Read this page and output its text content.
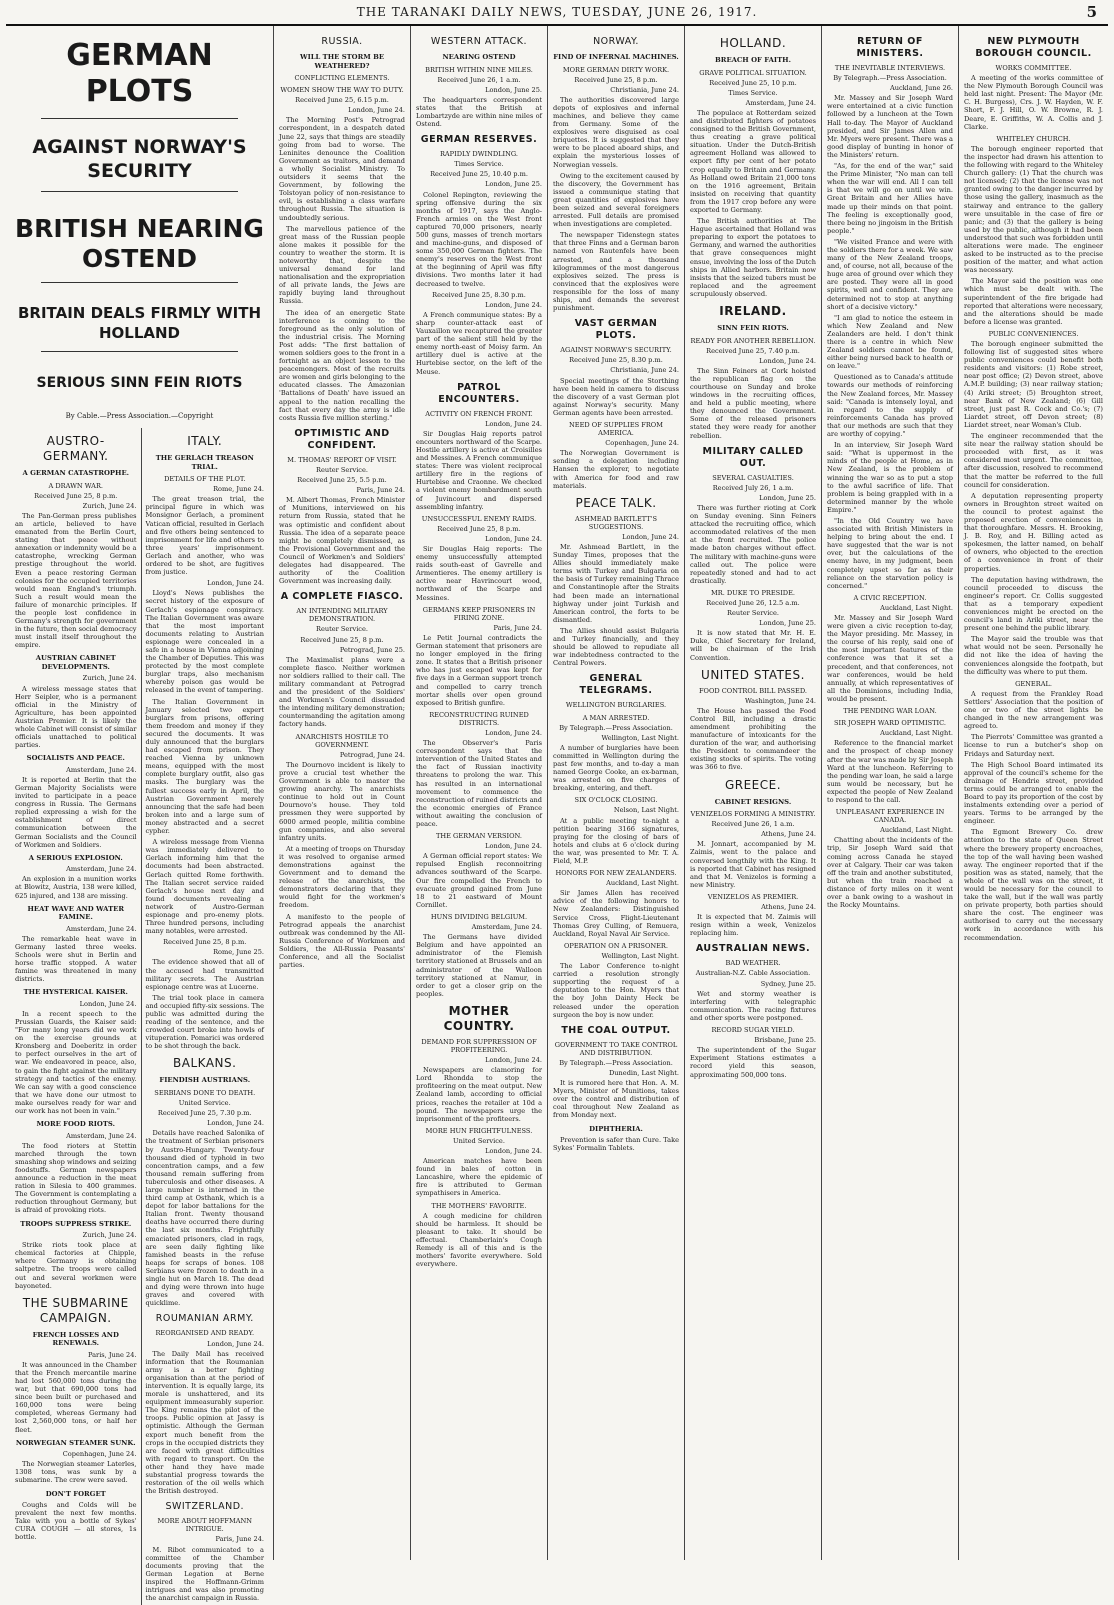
THE TARANAKI DAILY NEWS, TUESDAY, JUNE 26, 1917.	5
GERMAN PLOTS
AGAINST NORWAY'S SECURITY
BRITISH NEARING OSTEND
BRITAIN DEALS FIRMLY WITH HOLLAND
SERIOUS SINN FEIN RIOTS
By Cable.—Press Association.—Copyright
AUSTRO-GERMANY.
A GERMAN CATASTROPHE.
A DRAWN WAR.

Received June 25, 8 p.m.

Zurich, June 24.

The Pan-German press publishes an article, believed to have emanated from the Berlin Court, stating that peace without annexation or indemnity would be a catastrophe, wrecking German prestige throughout the world. Even a peace restoring German colonies for the occupied territories would mean England's triumph. Such a result would mean the failure of monarchic principles. If the people lost confidence in Germany's strength for government in the future, then social democracy must install itself throughout the empire.

AUSTRIAN CABINET DEVELOPMENTS.

Zurich, June 24.

A wireless message states that Herr Seipler, who is a permanent official in the Ministry of Agriculture, has been appointed Austrian Premier. It is likely the whole Cabinet will consist of similar officials unattached to political parties.

SOCIALISTS AND PEACE.

Amsterdam, June 24.

It is reported at Berlin that the German Majority Socialists were invited to participate in a peace congress in Russia. The Germans replied expressing a wish for the establishment of direct communication between the German Socialists and the Council of Workmen and Soldiers.

A SERIOUS EXPLOSION.

Amsterdam, June 24.

An explosion in a munition works at Blowitz, Austria, 138 were killed, 625 injured, and 138 are missing.

HEAT WAVE AND WATER FAMINE.

Amsterdam, June 24.

The remarkable heat wave in Germany lasted three weeks. Schools were shut in Berlin and horse traffic stopped. A water famine was threatened in many districts.

THE HYSTERICAL KAISER.

London, June 24.

In a recent speech to the Prussian Guards, the Kaiser said: "For many long years did we work on the exercise grounds at Kronsberg and Doeberitz in order to perfect ourselves in the art of war. We endeavored in peace, also, to gain the fight against the military strategy and tactics of the enemy. We can say with a good conscience that we have done our utmost to make ourselves ready for war and our work has not been in vain."

MORE FOOD RIOTS.

Amsterdam, June 24.

The food rioters at Stettin marched through the town smashing shop windows and seizing foodstuffs. German newspapers announce a reduction in the meat ration in Silesia to 400 grammes. The Government is contemplating a reduction throughout Germany, but is afraid of provoking riots.

TROOPS SUPPRESS STRIKE.

Zurich, June 24.

Strike riots took place at chemical factories at Chipple, where Germany is obtaining saltpetre. The troops were called out and several workmen were bayoneted.

THE SUBMARINE CAMPAIGN.
FRENCH LOSSES AND RENEWALS.

Paris, June 24.

It was announced in the Chamber that the French mercantile marine had lost 560,000 tons during the war, but that 690,000 tons had since been built or purchased and 160,000 tons were being completed, whereas Germany had lost 2,560,000 tons, or half her fleet.

NORWEGIAN STEAMER SUNK.

Copenhagen, June 24.

The Norwegian steamer Laterles, 1308 tons, was sunk by a submarine. The crew were saved.

DON'T FORGET

Coughs and Colds will be prevalent the next few months. Take with you a bottle of Sykes' CURA COUGH — all stores, 1s bottle.

ITALY.
THE GERLACH TREASON TRIAL.
DETAILS OF THE PLOT.

Rome, June 24.

The great treason trial, the principal figure in which was Monsignor Gerlach, a prominent Vatican official, resulted in Gerlach and five others being sentenced to imprisonment for life and others to three years' imprisonment. Gerlach and another, who was ordered to be shot, are fugitives from justice.

London, June 24.

Lloyd's News publishes the secret history of the exposure of Gerlach's espionage conspiracy. The Italian Government was aware that the most important documents relating to Austrian espionage were concealed in a safe in a house in Vienna adjoining the Chamber of Deputies. This was protected by the most complete burglar traps, also mechanism whereby poison gas would be released in the event of tampering.

The Italian Government in January selected two expert burglars from prisons, offering them freedom and money if they secured the documents. It was duly announced that the burglars had escaped from prison. They reached Vienna by unknown means, equipped with the most complete burglary outfit, also gas masks. The burglary was the fullest success early in April, the Austrian Government merely announcing that the safe had been broken into and a large sum of money abstracted and a secret cypher.

A wireless message from Vienna was immediately delivered to Gerlach informing him that the documents had been abstracted. Gerlach quitted Rome forthwith. The Italian secret service raided Gerlach's house next day and found documents revealing a network of Austro-German espionage and pro-enemy plots. Three hundred persons, including many notables, were arrested.

Received June 25, 8 p.m.

Rome, June 25.

The evidence showed that all of the accused had transmitted military secrets. The Austrian espionage centre was at Lucerne.

The trial took place in camera and occupied fifty-six sessions. The public was admitted during the reading of the sentence, and the crowded court broke into howls of vituperation. Pomarici was ordered to be shot through the back.

BALKANS.
FIENDISH AUSTRIANS.
SERBIANS DONE TO DEATH.

United Service.

Received June 25, 7.30 p.m.

London, June 24.

Details have reached Salonika of the treatment of Serbian prisoners by Austro-Hungary. Twenty-four thousand died of typhoid in two concentration camps, and a few thousand remain suffering from tuberculosis and other diseases. A large number is interned in the third camp at Osthank, which is a depot for labor battalions for the Italian front. Twenty thousand deaths have occurred there during the last six months. Frightfully emaciated prisoners, clad in rags, are seen daily fighting like famished beasts in the refuse heaps for scraps of bones. 108 Serbians were frozen to death in a single hut on March 18. The dead and dying were thrown into huge graves and covered with quicklime.

ROUMANIAN ARMY.
REORGANISED AND READY.

London, June 24.

The Daily Mail has received information that the Roumanian army is a better fighting organisation than at the period of intervention. It is equally large, its morale is unshattered, and its equipment immeasurably superior. The King remains the pilot of the troops. Public opinion at Jassy is optimistic. Although the German export much benefit from the crops in the occupied districts they are faced with great difficulties with regard to transport. On the other hand they have made substantial progress towards the restoration of the oil wells which the British destroyed.

SWITZERLAND.
MORE ABOUT HOFFMANN INTRIGUE.

Paris, June 24.

M. Ribot communicated to a committee of the Chamber documents proving that the German Legation at Berne inspired the Hoffmann-Grimm intrigues and was also promoting the anarchist campaign in Russia.

RUSSIA.
WILL THE STORM BE WEATHERED?
CONFLICTING ELEMENTS.
WOMEN SHOW THE WAY TO DUTY.

Received June 25, 6.15 p.m.

London, June 24.

The Morning Post's Petrograd correspondent, in a despatch dated June 22, says that things are steadily going from bad to worse. The Leninites denounce the Coalition Government as traitors, and demand a wholly Socialist Ministry. To outsiders it seems that the Government, by following the Tolstoyan policy of non-resistance to evil, is establishing a class warfare throughout Russia. The situation is undoubtedly serious.

The marvellous patience of the great mass of the Russian people alone makes it possible for the country to weather the storm. It is noteworthy that, despite the universal demand for land nationalisation and the expropriation of all private lands, the Jews are rapidly buying land throughout Russia.

The idea of an energetic State interference is coming to the foreground as the only solution of the industrial crisis. The Morning Post adds: "The first battalion of women soldiers goes to the front in a fortnight as an object lesson to the peacemongers. Most of the recruits are women and girls belonging to the educated classes. The Amazonian 'Battalions of Death' have issued an appeal to the nation recalling the fact that every day the army is idle costs Russia five million sterling."

OPTIMISTIC AND CONFIDENT.
M. THOMAS' REPORT OF VISIT.

Reuter Service.

Received June 25, 5.5 p.m.

Paris, June 24.

M. Albert Thomas, French Minister of Munitions, interviewed on his return from Russia, stated that he was optimistic and confident about Russia. The idea of a separate peace might be completely dismissed, as the Provisional Government and the Council of Workmen's and Soldiers' delegates had disappeared. The authority of the Coalition Government was increasing daily.

A COMPLETE FIASCO.
AN INTENDING MILITARY DEMONSTRATION.

Reuter Service.

Received June 25, 8 p.m.

Petrograd, June 25.

The Maximalist plans were a complete fiasco. Neither workmen nor soldiers rallied to their call. The military commandant at Petrograd and the president of the Soldiers' and Workmen's Council dissuaded the intending military demonstration; countermanding the agitation among factory hands.

ANARCHISTS HOSTILE TO GOVERNMENT.

Petrograd, June 24.

The Dournovo incident is likely to prove a crucial test whether the Government is able to master the growing anarchy. The anarchists continue to hold out in Count Dournovo's house. They told pressmen they were supported by 6000 armed people, militia combine gun companies, and also several infantry units.

At a meeting of troops on Thursday it was resolved to organise armed demonstrations against the Government and to demand the release of the anarchists, the demonstrators declaring that they would fight for the workmen's freedom.

A manifesto to the people of Petrograd appeals the anarchist outbreak was condemned by the All-Russia Conference of Workmen and Soldiers, the All-Russia Peasants' Conference, and all the Socialist parties.

WESTERN ATTACK.
NEARING OSTEND
BRITISH WITHIN NINE MILES.

Received June 26, 1 a.m.

London, June 25.

The headquarters correspondent states that the British at Lombartzyde are within nine miles of Ostend.

GERMAN RESERVES.
RAPIDLY DWINDLING.

Times Service.

Received June 25, 10.40 p.m.

London, June 25.

Colonel Repington, reviewing the spring offensive during the six months of 1917, says the Anglo-French armies on the West front captured 70,000 prisoners, nearly 500 guns, masses of trench mortars and machine-guns, and disposed of some 350,000 German fighters. The enemy's reserves on the West front at the beginning of April was fifty divisions. Two months later it had decreased to twelve.

Received June 25, 8.30 p.m.

London, June 24.

A French communique states: By a sharp counter-attack east of Vauxaillon we recaptured the greater part of the salient still held by the enemy north-east of Moisy farm. An artillery duel is active at the Hurtebise sector, on the left of the Meuse.

PATROL ENCOUNTERS.
ACTIVITY ON FRENCH FRONT.

London, June 24.

Sir Douglas Haig reports patrol encounters northward of the Scarpe. Hostile artillery is active at Croisilles and Messines. A French communique states: There was violent reciprocal artillery fire in the regions of Hurtebise and Craonne. We checked a violent enemy bombardment south of Juvincourt and dispersed assembling infantry.

UNSUCCESSFUL ENEMY RAIDS.

Received June 25, 8 p.m.

London, June 24.

Sir Douglas Haig reports: The enemy unsuccessfully attempted raids south-east of Gavrelle and Armentieres. The enemy artillery is active near Havrincourt wood, northward of the Scarpe and Messines.

GERMANS KEEP PRISONERS IN FIRING ZONE.

Paris, June 24.

Le Petit Journal contradicts the German statement that prisoners are no longer employed in the firing zone. It states that a British prisoner who has just escaped was kept for five days in a German support trench and compelled to carry trench mortar shells over open ground exposed to British gunfire.

RECONSTRUCTING RUINED DISTRICTS.

London, June 24.

The Observer's Paris correspondent says that the intervention of the United States and the fact of Russian inactivity threatens to prolong the war. This has resulted in an international movement to commence the reconstruction of ruined districts and the economic energies of France without awaiting the conclusion of peace.

THE GERMAN VERSION.

London, June 24.

A German official report states: We repulsed English reconnoitring advances southward of the Scarpe. Our fire compelled the French to evacuate ground gained from June 18 to 21 eastward of Mount Cornillet.

HUNS DIVIDING BELGIUM.

Amsterdam, June 24.

The Germans have divided Belgium and have appointed an administrator of the Flemish territory stationed at Brussels and an administrator of the Walloon territory stationed at Namur, in order to get a closer grip on the peoples.

MOTHER COUNTRY.
DEMAND FOR SUPPRESSION OF PROFITEERING.

London, June 24.

Newspapers are clamoring for Lord Rhondda to stop the profiteering on the meat output. New Zealand lamb, according to official prices, reaches the retailer at 10d a pound. The newspapers urge the imprisonment of the profiteers.

MORE HUN FRIGHTFULNESS.

United Service.

London, June 24.

American matches have been found in bales of cotton in Lancashire, where the epidemic of fire is attributed to German sympathisers in America.

THE MOTHERS' FAVORITE.

A cough medicine for children should be harmless. It should be pleasant to take. It should be effectual. Chamberlain's Cough Remedy is all of this and is the mothers' favorite everywhere. Sold everywhere.

NORWAY.
FIND OF INFERNAL MACHINES.
MORE GERMAN DIRTY WORK.

Received June 25, 8 p.m.

Christiania, June 24.

The authorities discovered large depots of explosives and infernal machines, and believe they came from Germany. Some of the explosives were disguised as coal briquettes. It is suggested that they were to be placed aboard ships, and explain the mysterious losses of Norwegian vessels.

Owing to the excitement caused by the discovery, the Government has issued a communique stating that great quantities of explosives have been seized and several foreigners arrested. Full details are promised when investigations are completed.

The newspaper Tidenstegn states that three Finns and a German baron named von Rautenfels have been arrested, and a thousand kilogrammes of the most dangerous explosives seized. The press is convinced that the explosives were responsible for the loss of many ships, and demands the severest punishment.

VAST GERMAN PLOTS.
AGAINST NORWAY'S SECURITY.

Received June 25, 8.30 p.m.

Christiania, June 24.

Special meetings of the Storthing have been held in camera to discuss the discovery of a vast German plot against Norway's security. Many German agents have been arrested.

NEED OF SUPPLIES FROM AMERICA.

Copenhagen, June 24.

The Norwegian Government is sending a delegation including Hansen the explorer, to negotiate with America for food and raw materials.

PEACE TALK.
ASHMEAD BARTLETT'S SUGGESTIONS.

London, June 24.

Mr. Ashmead Bartlett, in the Sunday Times, proposes that the Allies should immediately make terms with Turkey and Bulgaria on the basis of Turkey remaining Thrace and Constantinople after the Straits had been made an international highway under joint Turkish and American control, the forts to be dismantled.

The Allies should assist Bulgaria and Turkey financially, and they should be allowed to repudiate all war indebtedness contracted to the Central Powers.

GENERAL TELEGRAMS.
WELLINGTON BURGLARIES.
A MAN ARRESTED.

By Telegraph.—Press Association.

Wellington, Last Night.

A number of burglaries have been committed in Wellington during the past few months, and to-day a man named George Cooke, an ex-barman, was arrested on five charges of breaking, entering, and theft.

SIX O'CLOCK CLOSING.

Nelson, Last Night.

At a public meeting to-night a petition bearing 3166 signatures, praying for the closing of bars of hotels and clubs at 6 o'clock during the war, was presented to Mr. T. A. Field, M.P.

HONORS FOR NEW ZEALANDERS.

Auckland, Last Night.

Sir James Allen has received advice of the following honors to New Zealanders: Distinguished Service Cross, Flight-Lieutenant Thomas Grey Culling, of Remuera, Auckland, Royal Naval Air Service.

OPERATION ON A PRISONER.

Wellington, Last Night.

The Labor Conference to-night carried a resolution strongly supporting the request of a deputation to the Hon. Myers that the boy John Dainty Heck be released under the operation surgeon the boy is now under.

THE COAL OUTPUT.
GOVERNMENT TO TAKE CONTROL AND DISTRIBUTION.

By Telegraph.—Press Association.

Dunedin, Last Night.

It is rumored here that Hon. A. M. Myers, Minister of Munitions, takes over the control and distribution of coal throughout New Zealand as from Monday next.

DIPHTHERIA.

Prevention is safer than Cure. Take Sykes' Formalin Tablets.

HOLLAND.
BREACH OF FAITH.
GRAVE POLITICAL SITUATION.

Received June 25, 10 p.m.

Times Service.

Amsterdam, June 24.

The populace at Rotterdam seized and distributed fighters of potatoes consigned to the British Government, thus creating a grave political situation. Under the Dutch-British agreement Holland was allowed to export fifty per cent of her potato crop equally to Britain and Germany. As Holland owed Britain 21,000 tons on the 1916 agreement, Britain insisted on receiving that quantity from the 1917 crop before any were exported to Germany.

The British authorities at The Hague ascertained that Holland was preparing to export the potatoes to Germany, and warned the authorities that grave consequences might ensue, involving the loss of the Dutch ships in Allied harbors. Britain now insists that the seized tubers must be replaced and the agreement scrupulously observed.

IRELAND.
SINN FEIN RIOTS.
READY FOR ANOTHER REBELLION.

Received June 25, 7.40 p.m.

London, June 24.

The Sinn Feiners at Cork hoisted the republican flag on the courthouse on Sunday and broke windows in the recruiting offices, and held a public meeting, where they denounced the Government. Some of the released prisoners stated they were ready for another rebellion.

MILITARY CALLED OUT.
SEVERAL CASUALTIES.

Received July 26, 1 a.m.

London, June 25.

There was further rioting at Cork on Sunday evening. Sinn Feiners attacked the recruiting office, which accommodated relatives of the men at the front recruited. The police made baton charges without effect. The military with machine-guns were called out. The police were repeatedly stoned and had to act drastically.

MR. DUKE TO PRESIDE.

Received June 26, 12.5 a.m.

Reuter Service.

London, June 25.

It is now stated that Mr. H. E. Duke, Chief Secretary for Ireland, will be chairman of the Irish Convention.

UNITED STATES.
FOOD CONTROL BILL PASSED.

Washington, June 24.

The House has passed the Food Control Bill, including a drastic amendment prohibiting the manufacture of intoxicants for the duration of the war, and authorising the President to commandeer the existing stocks of spirits. The voting was 366 to five.

GREECE.
CABINET RESIGNS.
VENIZELOS FORMING A MINISTRY.

Received June 26, 1 a.m.

Athens, June 24.

M. Jonnart, accompanied by M. Zaimis, went to the palace and conversed lengthily with the King. It is reported that Cabinet has resigned and that M. Venizelos is forming a new Ministry.

VENIZELOS AS PREMIER.

Athens, June 24.

It is expected that M. Zaimis will resign within a week, Venizelos replacing him.

AUSTRALIAN NEWS.
BAD WEATHER.

Australian-N.Z. Cable Association.

Sydney, June 25.

Wet and stormy weather is interfering with telegraphic communication. The racing fixtures and other sports were postponed.

RECORD SUGAR YIELD.

Brisbane, June 25.

The superintendent of the Sugar Experiment Stations estimates a record yield this season, approximating 500,000 tons.

RETURN OF MINISTERS.
THE INEVITABLE INTERVIEWS.

By Telegraph.—Press Association.

Auckland, June 26.

Mr. Massey and Sir Joseph Ward were entertained at a civic function followed by a luncheon at the Town Hall to-day. The Mayor of Auckland presided, and Sir James Allen and Mr. Myers were present. There was a good display of bunting in honor of the Ministers' return.

"As, for the end of the war," said the Prime Minister, "No man can tell when the war will end. All I can tell is that we will go on until we win. Great Britain and her Allies have made up their minds on that point. The feeling is exceptionally good, there being no jingoism in the British people."

"We visited France and were with the soldiers there for a week. We saw many of the New Zealand troops, and, of course, not all, because of the huge area of ground over which they are posted. They were all in good spirits, well and confident. They are determined not to stop at anything short of a decisive victory."

"I am glad to notice the esteem in which New Zealand and New Zealanders are held. I don't think there is a centre in which New Zealand soldiers cannot be found, either being nursed back to health or on leave."

Questioned as to Canada's attitude towards our methods of reinforcing the New Zealand forces, Mr. Massey said: "Canada is intensely loyal, and in regard to the supply of reinforcements Canada has proved that our methods are such that they are worthy of copying."

In an interview, Sir Joseph Ward said: "What is uppermost in the minds of the people at Home, as in New Zealand, is the problem of winning the war so as to put a stop to the awful sacrifice of life. That problem is being grappled with in a determined manner by the whole Empire."

"In the Old Country we have associated with British Ministers in helping to bring about the end. I have suggested that the war is not over, but the calculations of the enemy have, in my judgment, been completely upset so far as their reliance on the starvation policy is concerned."

A CIVIC RECEPTION.

Auckland, Last Night.

Mr. Massey and Sir Joseph Ward were given a civic reception to-day, the Mayor presiding. Mr. Massey, in the course of his reply, said one of the most important features of the conference was that it set a precedent, and that conferences, not war conferences, would be held annually, at which representatives of all the Dominions, including India, would be present.

THE PENDING WAR LOAN.
SIR JOSEPH WARD OPTIMISTIC.

Auckland, Last Night.

Reference to the financial market and the prospect of cheap money after the war was made by Sir Joseph Ward at the luncheon. Referring to the pending war loan, he said a large sum would be necessary, but he expected the people of New Zealand to respond to the call.

UNPLEASANT EXPERIENCE IN CANADA.

Auckland, Last Night.

Chatting about the incidents of the trip, Sir Joseph Ward said that coming across Canada he stayed over at Calgary. Their car was taken off the train and another substituted, but when the train reached a distance of forty miles on it went over a bank owing to a washout in the Rocky Mountains.

NEW PLYMOUTH BOROUGH COUNCIL.
WORKS COMMITTEE.

A meeting of the works committee of the New Plymouth Borough Council was held last night. Present: The Mayor (Mr. C. H. Burgess), Crs. J. W. Hayden, W. F. Short, F. J. Hill, O. W. Browne, R. J. Deare, E. Griffiths, W. A. Collis and J. Clarke.

WHITELEY CHURCH.

The borough engineer reported that the inspector had drawn his attention to the following with regard to the Whiteley Church gallery: (1) That the church was not licensed; (2) that the license was not granted owing to the danger incurred by those using the gallery, inasmuch as the stairway and entrance to the gallery were unsuitable in the case of fire or panic; and (3) that the gallery is being used by the public, although it had been understood that such was forbidden until alterations were made. The engineer asked to be instructed as to the precise position of the matter, and what action was necessary.

The Mayor said the position was one which must be dealt with. The superintendent of the fire brigade had reported that alterations were necessary, and the alterations should be made before a license was granted.

PUBLIC CONVENIENCES.

The borough engineer submitted the following list of suggested sites where public conveniences could benefit both residents and visitors: (1) Robe street, near post office; (2) Devon street, above A.M.P. building; (3) near railway station; (4) Ariki street; (5) Broughton street, near Bank of New Zealand; (6) Gill street, just past R. Cock and Co.'s; (7) Liardet street, off Devon street; (8) Liardet street, near Woman's Club.

The engineer recommended that the site near the railway station should be proceeded with first, as it was considered most urgent. The committee, after discussion, resolved to recommend that the matter be referred to the full council for consideration.

A deputation representing property owners in Broughton street waited on the council to protest against the proposed erection of conveniences in that thoroughfare. Messrs. H. Brooking, J. B. Roy, and H. Billing acted as spokesmen, the latter named, on behalf of owners, who objected to the erection of a convenience in front of their properties.

The deputation having withdrawn, the council proceeded to discuss the engineer's report. Cr. Collis suggested that as a temporary expedient conveniences might be erected on the council's land in Ariki street, near the present one behind the public library.

The Mayor said the trouble was that what would not be seen. Personally he did not like the idea of having the conveniences alongside the footpath, but the difficulty was where to put them.

GENERAL.

A request from the Frankley Road Settlers' Association that the position of one or two of the street lights be changed in the new arrangement was agreed to.

The Pierrots' Committee was granted a license to run a butcher's shop on Fridays and Saturday next.

The High School Board intimated its approval of the council's scheme for the drainage of Hendrie street, provided terms could be arranged to enable the Board to pay its proportion of the cost by instalments extending over a period of years. Terms to be arranged by the engineer.

The Egmont Brewery Co. drew attention to the state of Queen Street where the brewery property encroaches, the top of the wall having been washed away. The engineer reported that if the position was as stated, namely, that the whole of the wall was on the street, it would be necessary for the council to take the wall, but if the wall was partly on private property, both parties should share the cost. The engineer was authorised to carry out the necessary work in accordance with his recommendation.
